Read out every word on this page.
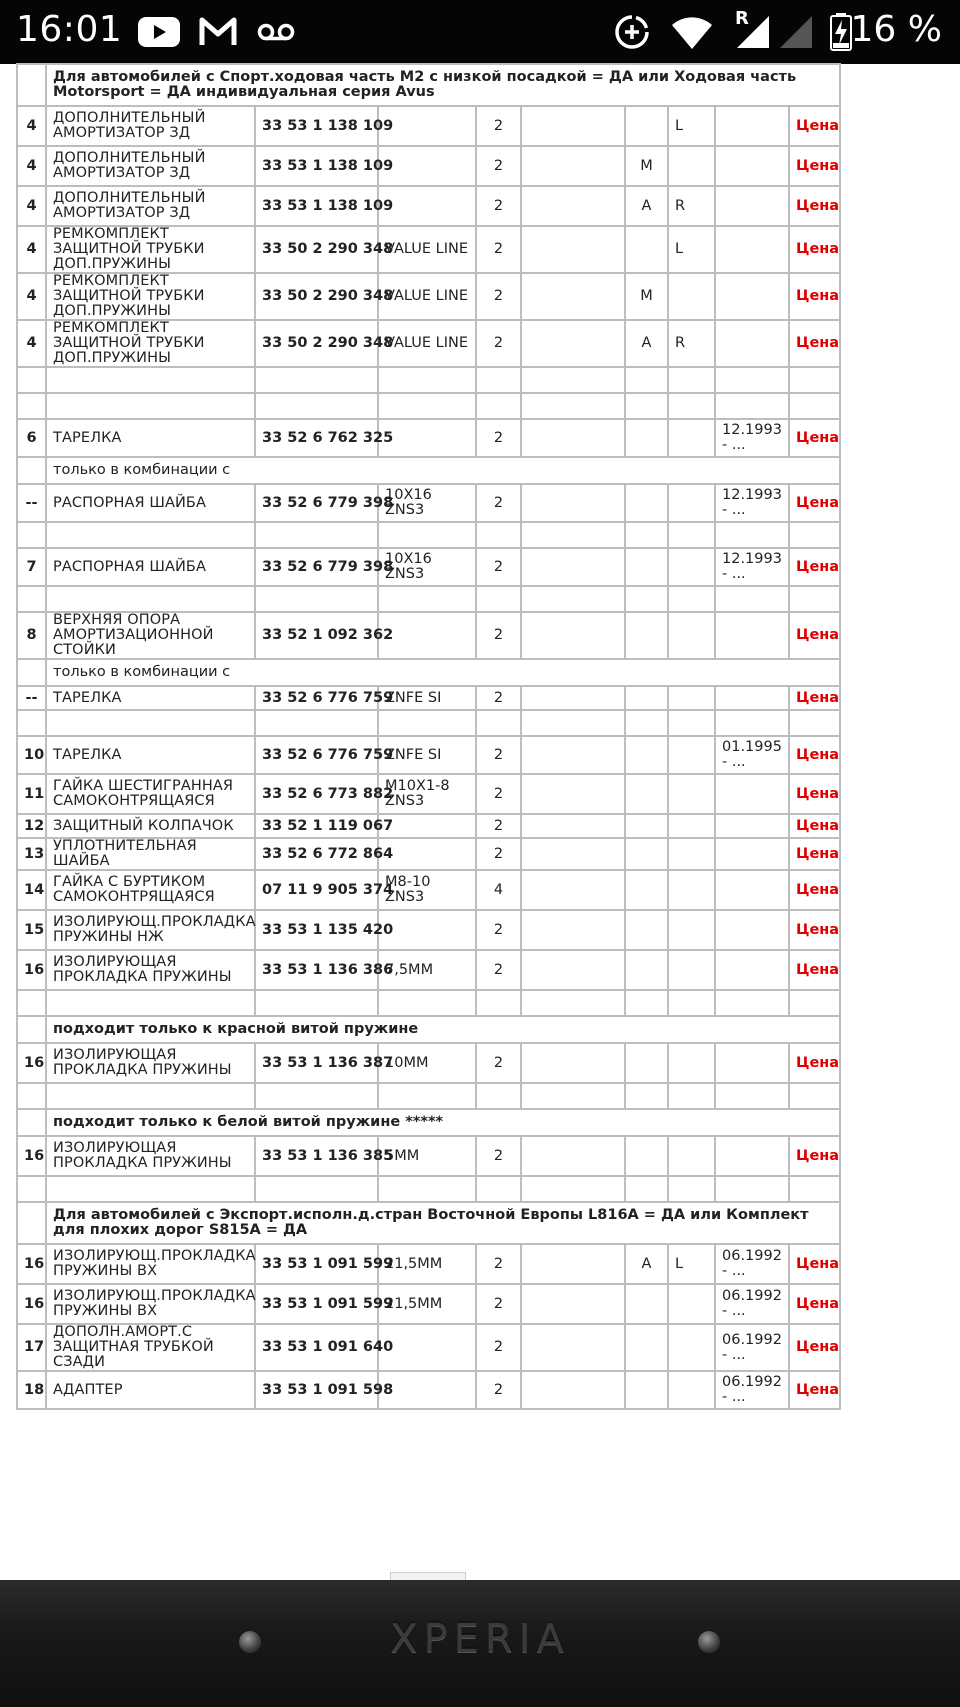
16:01	R	16 %
	Для автомобилей с Спорт.ходовая часть M2 с низкой посадкой = ДА или Ходовая часть Motorsport = ДА индивидуальная серия Avus								
4	ДОПОЛНИТЕЛЬНЫЙ АМОРТИЗАТОР ЗД	33 53 1 138 109		2			L		Цена
4	ДОПОЛНИТЕЛЬНЫЙ АМОРТИЗАТОР ЗД	33 53 1 138 109		2		M			Цена
4	ДОПОЛНИТЕЛЬНЫЙ АМОРТИЗАТОР ЗД	33 53 1 138 109		2		A	R		Цена
4	РЕМКОМПЛЕКТ ЗАЩИТНОЙ ТРУБКИ ДОП.ПРУЖИНЫ	33 50 2 290 348	VALUE LINE	2			L		Цена
4	РЕМКОМПЛЕКТ ЗАЩИТНОЙ ТРУБКИ ДОП.ПРУЖИНЫ	33 50 2 290 348	VALUE LINE	2		M			Цена
4	РЕМКОМПЛЕКТ ЗАЩИТНОЙ ТРУБКИ ДОП.ПРУЖИНЫ	33 50 2 290 348	VALUE LINE	2		A	R		Цена

6	ТАРЕЛКА	33 52 6 762 325		2				12.1993 - ...	Цена
	только в комбинации с								
--	РАСПОРНАЯ ШАЙБА	33 52 6 779 398	10X16 ZNS3	2				12.1993 - ...	Цена

7	РАСПОРНАЯ ШАЙБА	33 52 6 779 398	10X16 ZNS3	2				12.1993 - ...	Цена

8	ВЕРХНЯЯ ОПОРА АМОРТИЗАЦИОННОЙ СТОЙКИ	33 52 1 092 362		2					Цена
	только в комбинации с								
--	ТАРЕЛКА	33 52 6 776 759	ZNFE SI	2					Цена

10	ТАРЕЛКА	33 52 6 776 759	ZNFE SI	2				01.1995 - ...	Цена
11	ГАЙКА ШЕСТИГРАННАЯ САМОКОНТРЯЩАЯСЯ	33 52 6 773 882	M10X1-8 ZNS3	2					Цена
12	ЗАЩИТНЫЙ КОЛПАЧОК	33 52 1 119 067		2					Цена
13	УПЛОТНИТЕЛЬНАЯ ШАЙБА	33 52 6 772 864		2					Цена
14	ГАЙКА С БУРТИКОМ САМОКОНТРЯЩАЯСЯ	07 11 9 905 374	M8-10 ZNS3	4					Цена
15	ИЗОЛИРУЮЩ.ПРОКЛАДКА ПРУЖИНЫ НЖ	33 53 1 135 420		2					Цена
16	ИЗОЛИРУЮЩАЯ ПРОКЛАДКА ПРУЖИНЫ	33 53 1 136 386	7,5MM	2					Цена

	подходит только к красной витой пружине								
16	ИЗОЛИРУЮЩАЯ ПРОКЛАДКА ПРУЖИНЫ	33 53 1 136 387	10MM	2					Цена

	подходит только к белой витой пружине *****								
16	ИЗОЛИРУЮЩАЯ ПРОКЛАДКА ПРУЖИНЫ	33 53 1 136 385	5MM	2					Цена

	Для автомобилей с Экспорт.исполн.д.стран Восточной Европы L816A = ДА или Комплект для плохих дорог S815A = ДА								
16	ИЗОЛИРУЮЩ.ПРОКЛАДКА ПРУЖИНЫ ВХ	33 53 1 091 599	21,5MM	2		A	L	06.1992 - ...	Цена
16	ИЗОЛИРУЮЩ.ПРОКЛАДКА ПРУЖИНЫ ВХ	33 53 1 091 599	21,5MM	2				06.1992 - ...	Цена
17	ДОПОЛН.АМОРТ.С ЗАЩИТНАЯ ТРУБКОЙ СЗАДИ	33 53 1 091 640		2				06.1992 - ...	Цена
18	АДАПТЕР	33 53 1 091 598		2				06.1992 - ...	Цена
XPERIA
